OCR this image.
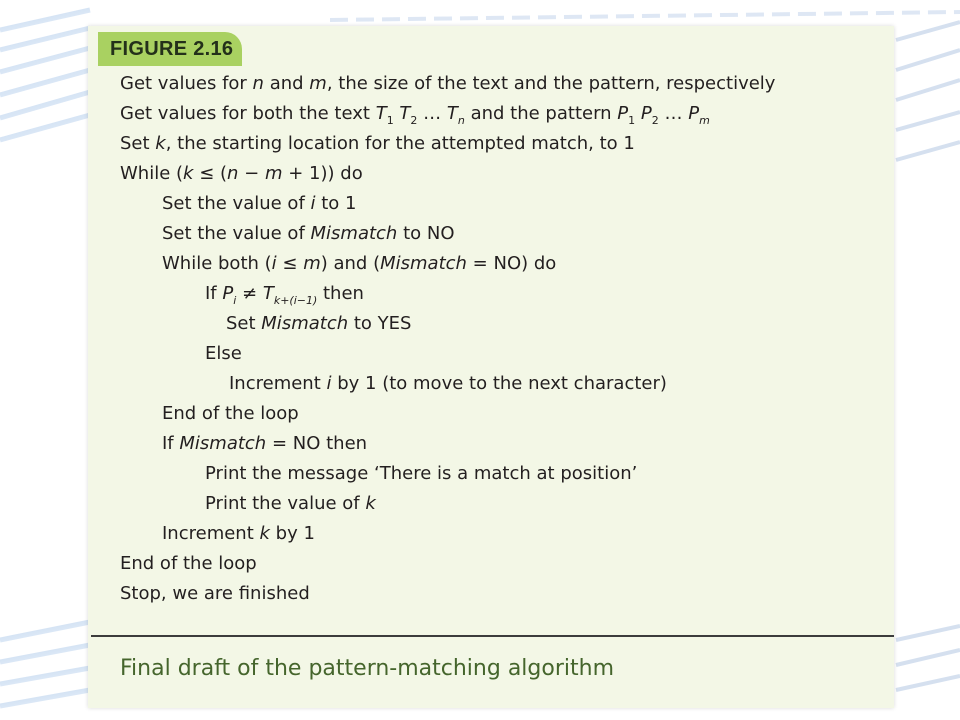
FIGURE 2.16
Get values for n and m, the size of the text and the pattern, respectively
Get values for both the text $T_1$ $T_2$ … $T_n$ and the pattern $P_1$ $P_2$ … $P_m$
Set k, the starting location for the attempted match, to 1
While (k ≤ (n − m + 1)) do
Set the value of i to 1
Set the value of Mismatch to NO
While both (i ≤ m) and (Mismatch = NO) do
If $P_i \ne T_{k+(i-1)}$ then
Set Mismatch to YES
Else
Increment i by 1 (to move to the next character)
End of the loop
If Mismatch = NO then
Print the message ‘There is a match at position’
Print the value of k
Increment k by 1
End of the loop
Stop, we are finished
Final draft of the pattern-matching algorithm
